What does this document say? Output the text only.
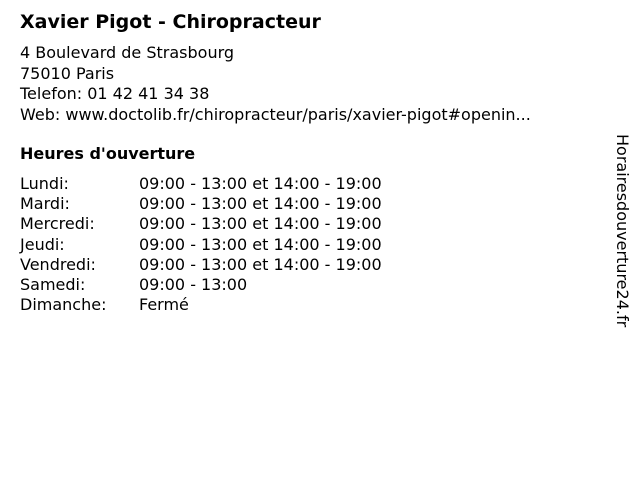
Xavier Pigot - Chiropracteur
4 Boulevard de Strasbourg
75010 Paris
Telefon: 01 42 41 34 38
Web: www.doctolib.fr/chiropracteur/paris/xavier-pigot#openin...
Heures d'ouverture
Lundi:	09:00 - 13:00 et 14:00 - 19:00
Mardi:	09:00 - 13:00 et 14:00 - 19:00
Mercredi:	09:00 - 13:00 et 14:00 - 19:00
Jeudi:	09:00 - 13:00 et 14:00 - 19:00
Vendredi:	09:00 - 13:00 et 14:00 - 19:00
Samedi:	09:00 - 13:00
Dimanche: Fermé	Horairesdouverture24.fr
